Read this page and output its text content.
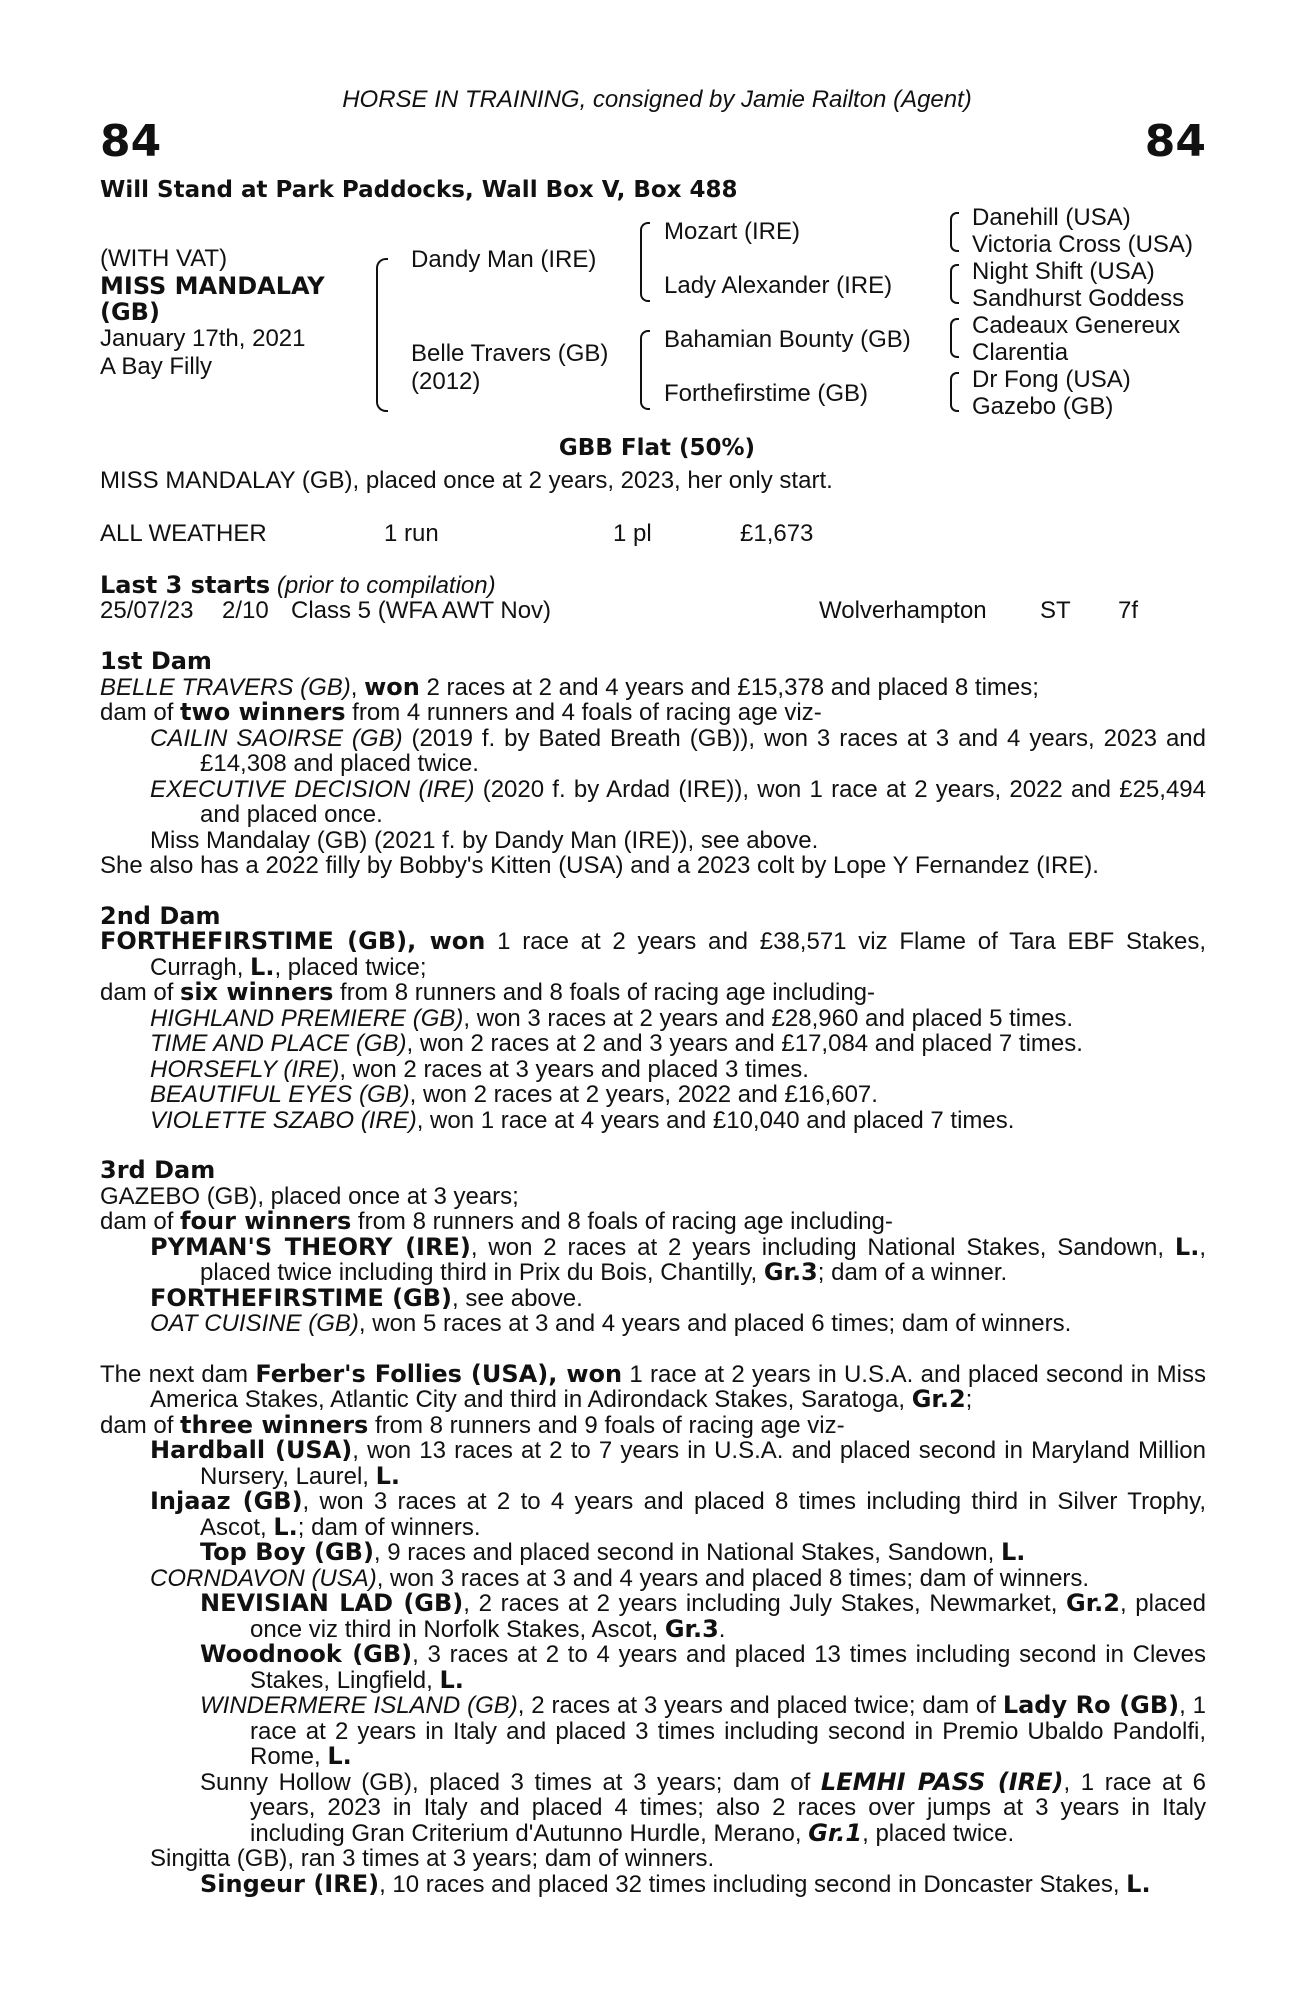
HORSE IN TRAINING, consigned by Jamie Railton (Agent)
84	84
Will Stand at Park Paddocks, Wall Box V, Box 488
(WITH VAT)
MISS MANDALAY
(GB)
January 17th, 2021
A Bay Filly
Dandy Man (IRE)
Belle Travers (GB)
(2012)
Mozart (IRE)
Lady Alexander (IRE)
Bahamian Bounty (GB)
Forthefirstime (GB)
Danehill (USA)
Victoria Cross (USA)
Night Shift (USA)
Sandhurst Goddess
Cadeaux Genereux
Clarentia
Dr Fong (USA)
Gazebo (GB)
GBB Flat (50%)

MISS MANDALAY (GB), placed once at 2 years, 2023, her only start.

ALL WEATHER	1 run	1 pl	£1,673

Last 3 starts (prior to compilation)

25/07/23 2/10 Class 5 (WFA AWT Nov)	Wolverhampton ST 7f

1st Dam

BELLE TRAVERS (GB), won 2 races at 2 and 4 years and £15,378 and placed 8 times;

dam of two winners from 4 runners and 4 foals of racing age viz-

CAILIN SAOIRSE (GB) (2019 f. by Bated Breath (GB)), won 3 races at 3 and 4 years, 2023 and £14,308 and placed twice.

EXECUTIVE DECISION (IRE) (2020 f. by Ardad (IRE)), won 1 race at 2 years, 2022 and £25,494 and placed once.

Miss Mandalay (GB) (2021 f. by Dandy Man (IRE)), see above.

She also has a 2022 filly by Bobby's Kitten (USA) and a 2023 colt by Lope Y Fernandez (IRE).

2nd Dam

FORTHEFIRSTIME (GB), won 1 race at 2 years and £38,571 viz Flame of Tara EBF Stakes, Curragh, L., placed twice;

dam of six winners from 8 runners and 8 foals of racing age including-

HIGHLAND PREMIERE (GB), won 3 races at 2 years and £28,960 and placed 5 times.

TIME AND PLACE (GB), won 2 races at 2 and 3 years and £17,084 and placed 7 times.

HORSEFLY (IRE), won 2 races at 3 years and placed 3 times.

BEAUTIFUL EYES (GB), won 2 races at 2 years, 2022 and £16,607.

VIOLETTE SZABO (IRE), won 1 race at 4 years and £10,040 and placed 7 times.

3rd Dam

GAZEBO (GB), placed once at 3 years;

dam of four winners from 8 runners and 8 foals of racing age including-

PYMAN'S THEORY (IRE), won 2 races at 2 years including National Stakes, Sandown, L., placed twice including third in Prix du Bois, Chantilly, Gr.3; dam of a winner.

FORTHEFIRSTIME (GB), see above.

OAT CUISINE (GB), won 5 races at 3 and 4 years and placed 6 times; dam of winners.

The next dam Ferber's Follies (USA), won 1 race at 2 years in U.S.A. and placed second in Miss America Stakes, Atlantic City and third in Adirondack Stakes, Saratoga, Gr.2;

dam of three winners from 8 runners and 9 foals of racing age viz-

Hardball (USA), won 13 races at 2 to 7 years in U.S.A. and placed second in Maryland Million Nursery, Laurel, L.

Injaaz (GB), won 3 races at 2 to 4 years and placed 8 times including third in Silver Trophy, Ascot, L.; dam of winners.

Top Boy (GB), 9 races and placed second in National Stakes, Sandown, L.

CORNDAVON (USA), won 3 races at 3 and 4 years and placed 8 times; dam of winners.

NEVISIAN LAD (GB), 2 races at 2 years including July Stakes, Newmarket, Gr.2, placed once viz third in Norfolk Stakes, Ascot, Gr.3.

Woodnook (GB), 3 races at 2 to 4 years and placed 13 times including second in Cleves Stakes, Lingfield, L.

WINDERMERE ISLAND (GB), 2 races at 3 years and placed twice; dam of Lady Ro (GB), 1 race at 2 years in Italy and placed 3 times including second in Premio Ubaldo Pandolfi, Rome, L.

Sunny Hollow (GB), placed 3 times at 3 years; dam of LEMHI PASS (IRE), 1 race at 6 years, 2023 in Italy and placed 4 times; also 2 races over jumps at 3 years in Italy including Gran Criterium d'Autunno Hurdle, Merano, Gr.1, placed twice.

Singitta (GB), ran 3 times at 3 years; dam of winners.

Singeur (IRE), 10 races and placed 32 times including second in Doncaster Stakes, L.
